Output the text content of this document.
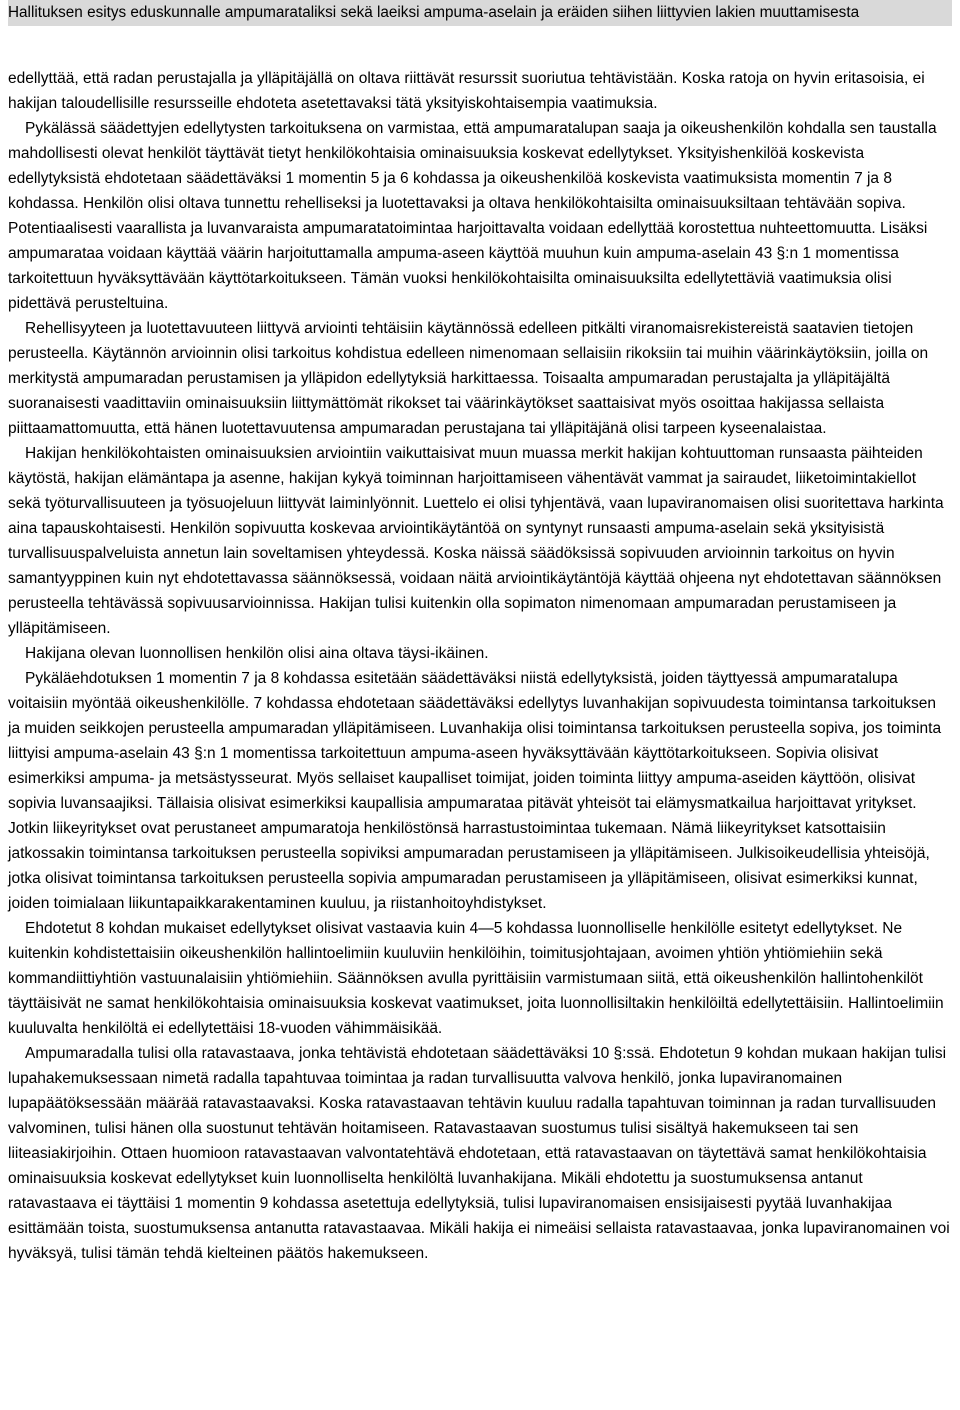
Hallituksen esitys eduskunnalle ampumarataliksi sekä laeiksi ampuma-aselain ja eräiden siihen liittyvien lakien muuttamisesta

edellyttää, että radan perustajalla ja ylläpitäjällä on oltava riittävät resurssit suoriutua tehtävistään. Koska ratoja on hyvin eritasoisia, ei hakijan taloudellisille resursseille ehdoteta asetettavaksi tätä yksityiskohtaisempia vaatimuksia.

Pykälässä säädettyjen edellytysten tarkoituksena on varmistaa, että ampumaratalupan saaja ja oikeushenkilön kohdalla sen taustalla mahdollisesti olevat henkilöt täyttävät tietyt henkilökohtaisia ominaisuuksia koskevat edellytykset. Yksityishenkilöä koskevista edellytyksistä ehdotetaan säädettäväksi 1 momentin 5 ja 6 kohdassa ja oikeushenkilöä koskevista vaatimuksista momentin 7 ja 8 kohdassa. Henkilön olisi oltava tunnettu rehelliseksi ja luotettavaksi ja oltava henkilökohtaisilta ominaisuuksiltaan tehtävään sopiva. Potentiaalisesti vaarallista ja luvanvaraista ampumaratatoimintaa harjoittavalta voidaan edellyttää korostettua nuhteettomuutta. Lisäksi ampumarataa voidaan käyttää väärin harjoituttamalla ampuma-aseen käyttöä muuhun kuin ampuma-aselain 43 §:n 1 momentissa tarkoitettuun hyväksyttävään käyttötarkoitukseen. Tämän vuoksi henkilökohtaisilta ominaisuuksilta edellytettäviä vaatimuksia olisi pidettävä perusteltuina.

Rehellisyyteen ja luotettavuuteen liittyvä arviointi tehtäisiin käytännössä edelleen pitkälti viranomaisrekistereistä saatavien tietojen perusteella. Käytännön arvioinnin olisi tarkoitus kohdistua edelleen nimenomaan sellaisiin rikoksiin tai muihin väärinkäytöksiin, joilla on merkitystä ampumaradan perustamisen ja ylläpidon edellytyksiä harkittaessa. Toisaalta ampumaradan perustajalta ja ylläpitäjältä suoranaisesti vaadittaviin ominaisuuksiin liittymättömät rikokset tai väärinkäytökset saattaisivat myös osoittaa hakijassa sellaista piittaamattomuutta, että hänen luotettavuutensa ampumaradan perustajana tai ylläpitäjänä olisi tarpeen kyseenalaistaa.

Hakijan henkilökohtaisten ominaisuuksien arviointiin vaikuttaisivat muun muassa merkit hakijan kohtuuttoman runsaasta päihteiden käytöstä, hakijan elämäntapa ja asenne, hakijan kykyä toiminnan harjoittamiseen vähentävät vammat ja sairaudet, liiketoimintakiellot sekä työturvallisuuteen ja työsuojeluun liittyvät laiminlyönnit. Luettelo ei olisi tyhjentävä, vaan lupaviranomaisen olisi suoritettava harkinta aina tapauskohtaisesti. Henkilön sopivuutta koskevaa arviointikäytäntöä on syntynyt runsaasti ampuma-aselain sekä yksityisistä turvallisuuspalveluista annetun lain soveltamisen yhteydessä. Koska näissä säädöksissä sopivuuden arvioinnin tarkoitus on hyvin samantyyppinen kuin nyt ehdotettavassa säännöksessä, voidaan näitä arviointikäytäntöjä käyttää ohjeena nyt ehdotettavan säännöksen perusteella tehtävässä sopivuusarvioinnissa. Hakijan tulisi kuitenkin olla sopimaton nimenomaan ampumaradan perustamiseen ja ylläpitämiseen.

Hakijana olevan luonnollisen henkilön olisi aina oltava täysi-ikäinen.

Pykäläehdotuksen 1 momentin 7 ja 8 kohdassa esitetään säädettäväksi niistä edellytyksistä, joiden täyttyessä ampumaratalupa voitaisiin myöntää oikeushenkilölle. 7 kohdassa ehdotetaan säädettäväksi edellytys luvanhakijan sopivuudesta toimintansa tarkoituksen ja muiden seikkojen perusteella ampumaradan ylläpitämiseen. Luvanhakija olisi toimintansa tarkoituksen perusteella sopiva, jos toiminta liittyisi ampuma-aselain 43 §:n 1 momentissa tarkoitettuun ampuma-aseen hyväksyttävään käyttötarkoitukseen. Sopivia olisivat esimerkiksi ampuma- ja metsästysseurat. Myös sellaiset kaupalliset toimijat, joiden toiminta liittyy ampuma-aseiden käyttöön, olisivat sopivia luvansaajiksi. Tällaisia olisivat esimerkiksi kaupallisia ampumarataa pitävät yhteisöt tai elämysmatkailua harjoittavat yritykset. Jotkin liikeyritykset ovat perustaneet ampumaratoja henkilöstönsä harrastustoimintaa tukemaan. Nämä liikeyritykset katsottaisiin jatkossakin toimintansa tarkoituksen perusteella sopiviksi ampumaradan perustamiseen ja ylläpitämiseen. Julkisoikeudellisia yhteisöjä, jotka olisivat toimintansa tarkoituksen perusteella sopivia ampumaradan perustamiseen ja ylläpitämiseen, olisivat esimerkiksi kunnat, joiden toimialaan liikuntapaikkarakentaminen kuuluu, ja riistanhoitoyhdistykset.

Ehdotetut 8 kohdan mukaiset edellytykset olisivat vastaavia kuin 4—5 kohdassa luonnolliselle henkilölle esitetyt edellytykset. Ne kuitenkin kohdistettaisiin oikeushenkilön hallintoelimiin kuuluviin henkilöihin, toimitusjohtajaan, avoimen yhtiön yhtiömiehiin sekä kommandiittiyhtiön vastuunalaisiin yhtiömiehiin. Säännöksen avulla pyrittäisiin varmistumaan siitä, että oikeushenkilön hallintohenkilöt täyttäisivät ne samat henkilökohtaisia ominaisuuksia koskevat vaatimukset, joita luonnollisiltakin henkilöiltä edellytettäisiin. Hallintoelimiin kuuluvalta henkilöltä ei edellytettäisi 18-vuoden vähimmäisikää.

Ampumaradalla tulisi olla ratavastaava, jonka tehtävistä ehdotetaan säädettäväksi 10 §:ssä. Ehdotetun 9 kohdan mukaan hakijan tulisi lupahakemuksessaan nimetä radalla tapahtuvaa toimintaa ja radan turvallisuutta valvova henkilö, jonka lupaviranomainen lupapäätöksessään määrää ratavastaavaksi. Koska ratavastaavan tehtävin kuuluu radalla tapahtuvan toiminnan ja radan turvallisuuden valvominen, tulisi hänen olla suostunut tehtävän hoitamiseen. Ratavastaavan suostumus tulisi sisältyä hakemukseen tai sen liiteasiakirjoihin. Ottaen huomioon ratavastaavan valvontatehtävä ehdotetaan, että ratavastaavan on täytettävä samat henkilökohtaisia ominaisuuksia koskevat edellytykset kuin luonnolliselta henkilöltä luvanhakijana. Mikäli ehdotettu ja suostumuksensa antanut ratavastaava ei täyttäisi 1 momentin 9 kohdassa asetettuja edellytyksiä, tulisi lupaviranomaisen ensisijaisesti pyytää luvanhakijaa esittämään toista, suostumuksensa antanutta ratavastaavaa. Mikäli hakija ei nimeäisi sellaista ratavastaavaa, jonka lupaviranomainen voi hyväksyä, tulisi tämän tehdä kielteinen päätös hakemukseen.
